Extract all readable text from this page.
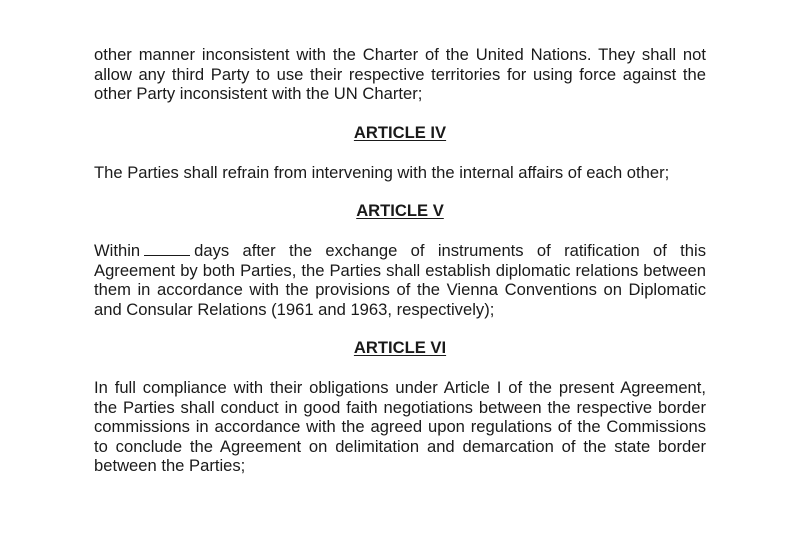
other manner inconsistent with the Charter of the United Nations. They shall not allow any third Party to use their respective territories for using force against the other Party inconsistent with the UN Charter;

ARTICLE IV

The Parties shall refrain from intervening with the internal affairs of each other;

ARTICLE V

Within	days after the exchange of instruments of ratification of this Agreement by both Parties, the Parties shall establish diplomatic relations between them in accordance with the provisions of the Vienna Conventions on Diplomatic and Consular Relations (1961 and 1963, respectively);

ARTICLE VI

In full compliance with their obligations under Article I of the present Agreement, the Parties shall conduct in good faith negotiations between the respective border commissions in accordance with the agreed upon regulations of the Commissions to conclude the Agreement on delimitation and demarcation of the state border between the Parties;
